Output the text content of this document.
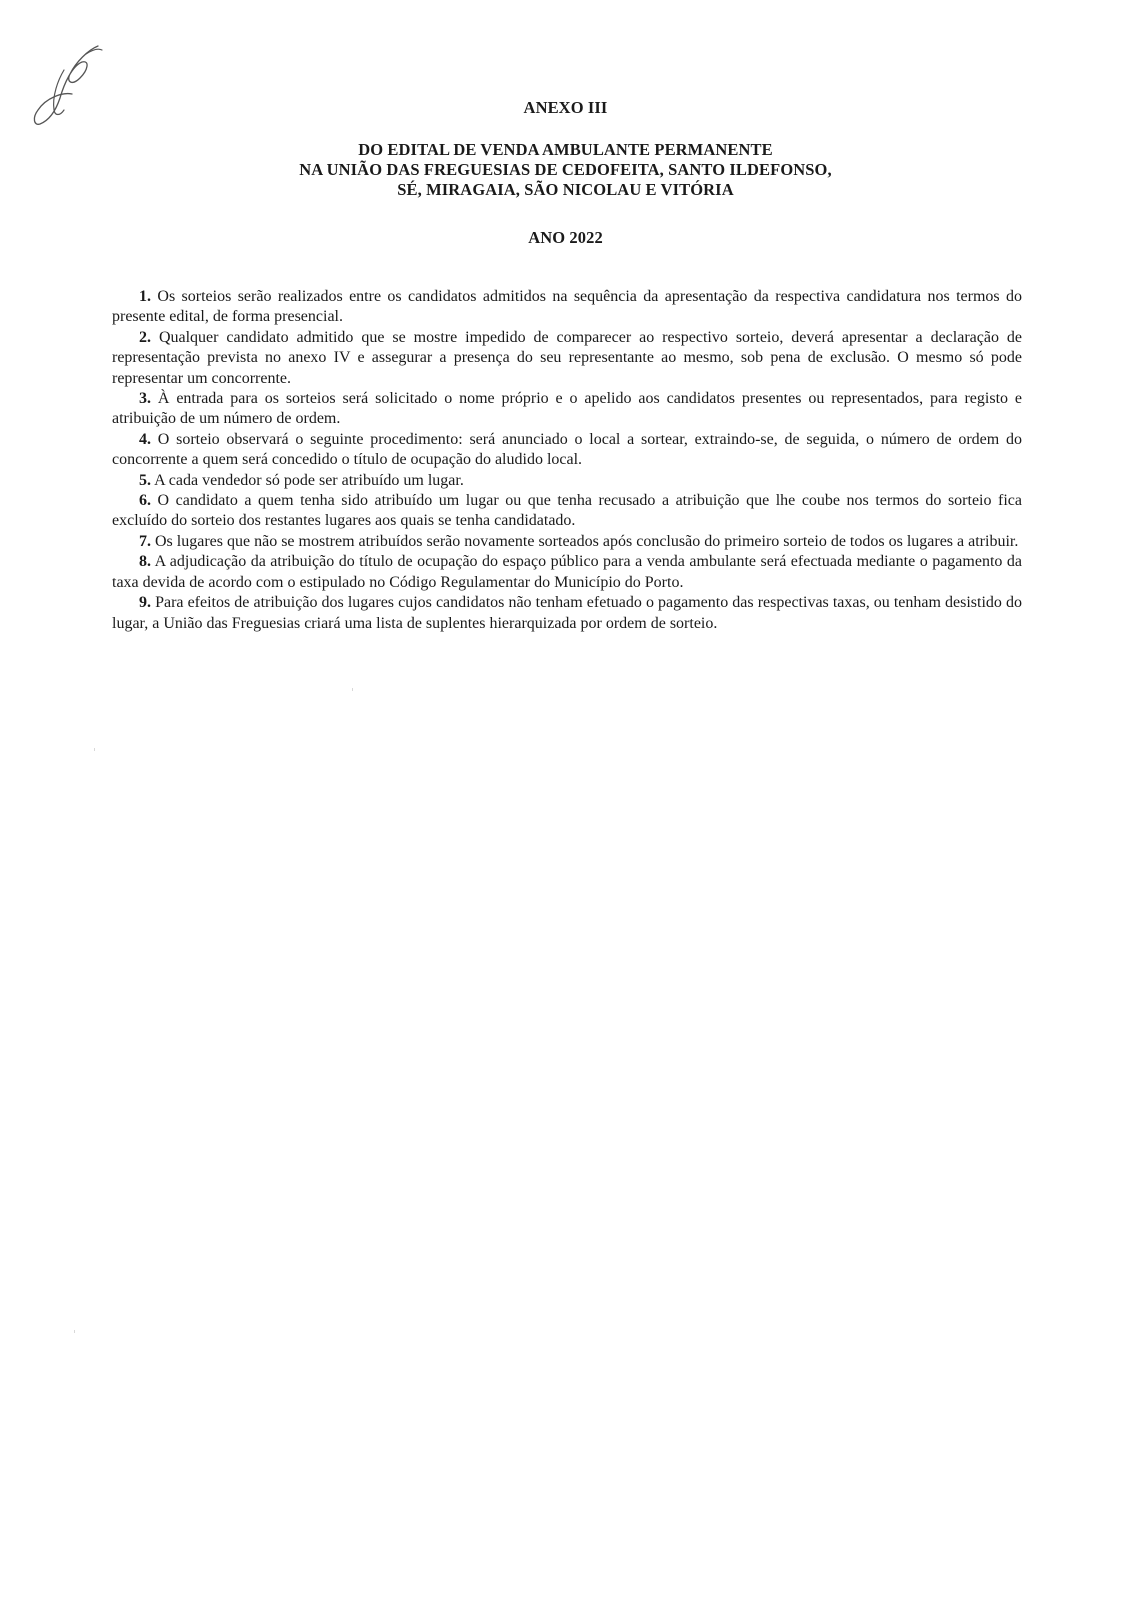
ANEXO III
DO EDITAL DE VENDA AMBULANTE PERMANENTE
NA UNIÃO DAS FREGUESIAS DE CEDOFEITA, SANTO ILDEFONSO,
SÉ, MIRAGAIA, SÃO NICOLAU E VITÓRIA
ANO 2022

1. Os sorteios serão realizados entre os candidatos admitidos na sequência da apresentação da respectiva candidatura nos termos do presente edital, de forma presencial.

2. Qualquer candidato admitido que se mostre impedido de comparecer ao respectivo sorteio, deverá apresentar a declaração de representação prevista no anexo IV e assegurar a presença do seu representante ao mesmo, sob pena de exclusão. O mesmo só pode representar um concorrente.

3. À entrada para os sorteios será solicitado o nome próprio e o apelido aos candidatos presentes ou representados, para registo e atribuição de um número de ordem.

4. O sorteio observará o seguinte procedimento: será anunciado o local a sortear, extraindo-se, de seguida, o número de ordem do concorrente a quem será concedido o título de ocupação do aludido local.

5. A cada vendedor só pode ser atribuído um lugar.

6. O candidato a quem tenha sido atribuído um lugar ou que tenha recusado a atribuição que lhe coube nos termos do sorteio fica excluído do sorteio dos restantes lugares aos quais se tenha candidatado.

7. Os lugares que não se mostrem atribuídos serão novamente sorteados após conclusão do primeiro sorteio de todos os lugares a atribuir.

8. A adjudicação da atribuição do título de ocupação do espaço público para a venda ambulante será efectuada mediante o pagamento da taxa devida de acordo com o estipulado no Código Regulamentar do Município do Porto.

9. Para efeitos de atribuição dos lugares cujos candidatos não tenham efetuado o pagamento das respectivas taxas, ou tenham desistido do lugar, a União das Freguesias criará uma lista de suplentes hierarquizada por ordem de sorteio.
